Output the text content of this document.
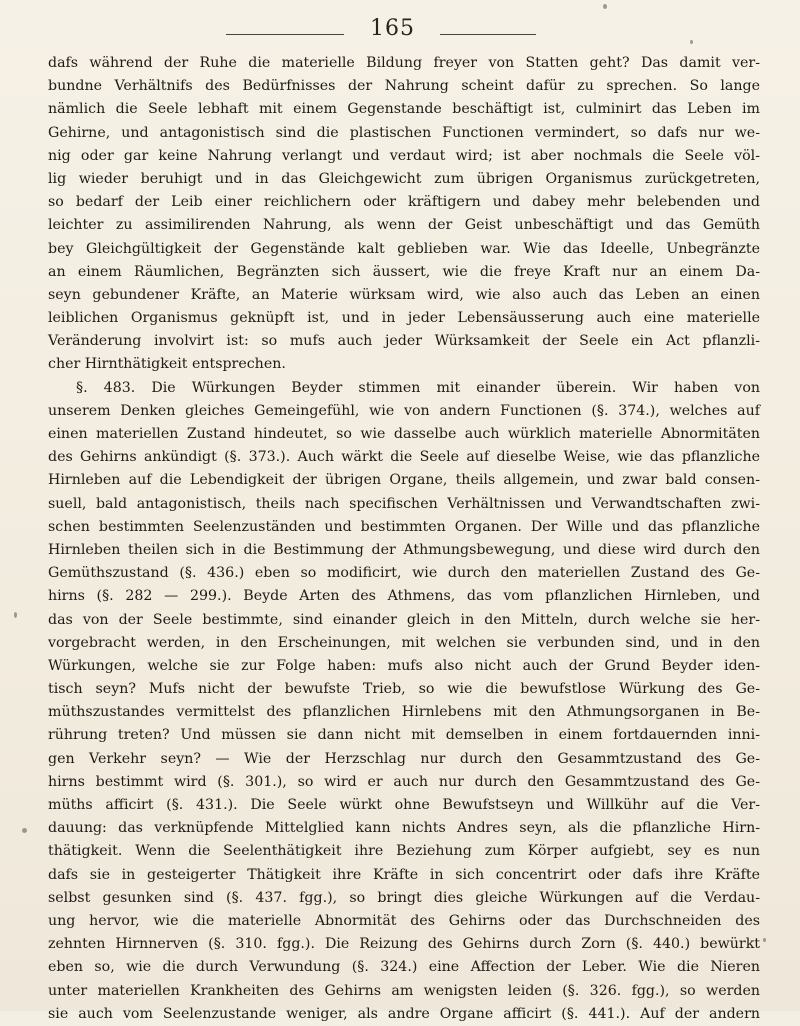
165
dafs während der Ruhe die materielle Bildung freyer von Statten geht? Das damit ver-
bundne Verhältnifs des Bedürfnisses der Nahrung scheint dafür zu sprechen. So lange
nämlich die Seele lebhaft mit einem Gegenstande beschäftigt ist, culminirt das Leben im
Gehirne, und antagonistisch sind die plastischen Functionen vermindert, so dafs nur we-
nig oder gar keine Nahrung verlangt und verdaut wird; ist aber nochmals die Seele völ-
lig wieder beruhigt und in das Gleichgewicht zum übrigen Organismus zurückgetreten,
so bedarf der Leib einer reichlichern oder kräftigern und dabey mehr belebenden und
leichter zu assimilirenden Nahrung, als wenn der Geist unbeschäftigt und das Gemüth
bey Gleichgültigkeit der Gegenstände kalt geblieben war. Wie das Ideelle, Unbegränzte
an einem Räumlichen, Begränzten sich äussert, wie die freye Kraft nur an einem Da-
seyn gebundener Kräfte, an Materie würksam wird, wie also auch das Leben an einen
leiblichen Organismus geknüpft ist, und in jeder Lebensäusserung auch eine materielle
Veränderung involvirt ist: so mufs auch jeder Würksamkeit der Seele ein Act pflanzli-
cher Hirnthätigkeit entsprechen.
§. 483. Die Würkungen Beyder stimmen mit einander überein. Wir haben von
unserem Denken gleiches Gemeingefühl, wie von andern Functionen (§. 374.), welches auf
einen materiellen Zustand hindeutet, so wie dasselbe auch würklich materielle Abnormitäten
des Gehirns ankündigt (§. 373.). Auch wärkt die Seele auf dieselbe Weise, wie das pflanzliche
Hirnleben auf die Lebendigkeit der übrigen Organe, theils allgemein, und zwar bald consen-
suell, bald antagonistisch, theils nach specifischen Verhältnissen und Verwandtschaften zwi-
schen bestimmten Seelenzuständen und bestimmten Organen. Der Wille und das pflanzliche
Hirnleben theilen sich in die Bestimmung der Athmungsbewegung, und diese wird durch den
Gemüthszustand (§. 436.) eben so modificirt, wie durch den materiellen Zustand des Ge-
hirns (§. 282 — 299.). Beyde Arten des Athmens, das vom pflanzlichen Hirnleben, und
das von der Seele bestimmte, sind einander gleich in den Mitteln, durch welche sie her-
vorgebracht werden, in den Erscheinungen, mit welchen sie verbunden sind, und in den
Würkungen, welche sie zur Folge haben: mufs also nicht auch der Grund Beyder iden-
tisch seyn? Mufs nicht der bewufste Trieb, so wie die bewufstlose Würkung des Ge-
müthszustandes vermittelst des pflanzlichen Hirnlebens mit den Athmungsorganen in Be-
rührung treten? Und müssen sie dann nicht mit demselben in einem fortdauernden inni-
gen Verkehr seyn? — Wie der Herzschlag nur durch den Gesammtzustand des Ge-
hirns bestimmt wird (§. 301.), so wird er auch nur durch den Gesammtzustand des Ge-
müths afficirt (§. 431.). Die Seele würkt ohne Bewufstseyn und Willkühr auf die Ver-
dauung: das verknüpfende Mittelglied kann nichts Andres seyn, als die pflanzliche Hirn-
thätigkeit. Wenn die Seelenthätigkeit ihre Beziehung zum Körper aufgiebt, sey es nun
dafs sie in gesteigerter Thätigkeit ihre Kräfte in sich concentrirt oder dafs ihre Kräfte
selbst gesunken sind (§. 437. fgg.), so bringt dies gleiche Würkungen auf die Verdau-
ung hervor, wie die materielle Abnormität des Gehirns oder das Durchschneiden des
zehnten Hirnnerven (§. 310. fgg.). Die Reizung des Gehirns durch Zorn (§. 440.) bewürkt
eben so, wie die durch Verwundung (§. 324.) eine Affection der Leber. Wie die Nieren
unter materiellen Krankheiten des Gehirns am wenigsten leiden (§. 326. fgg.), so werden
sie auch vom Seelenzustande weniger, als andre Organe afficirt (§. 441.). Auf der andern
